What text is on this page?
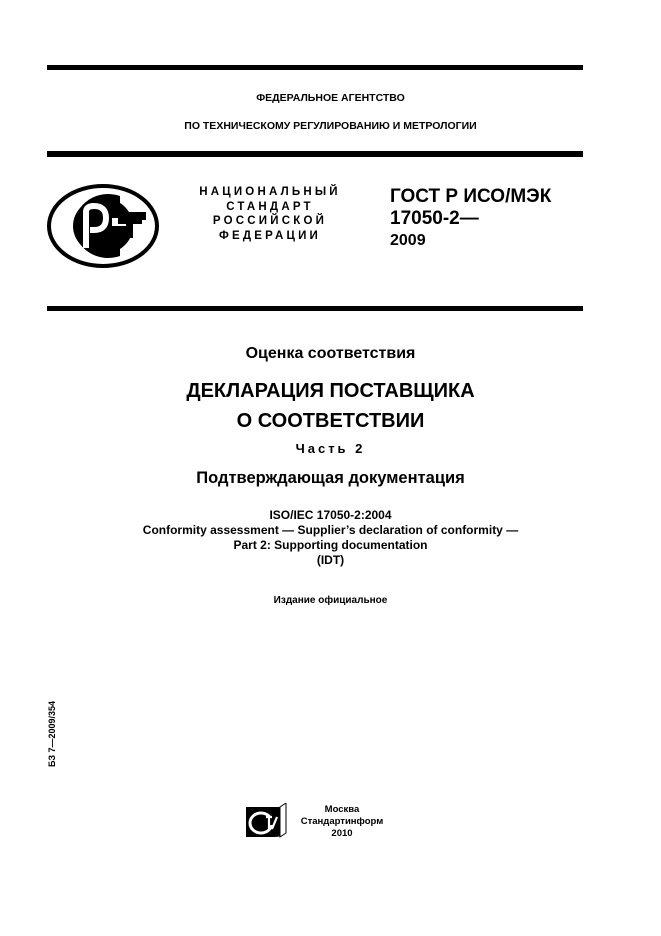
ФЕДЕРАЛЬНОЕ АГЕНТСТВО
ПО ТЕХНИЧЕСКОМУ РЕГУЛИРОВАНИЮ И МЕТРОЛОГИИ
НАЦИОНАЛЬНЫЙ
СТАНДАРТ
РОССИЙСКОЙ
ФЕДЕРАЦИИ
ГОСТ Р ИСО/МЭК
17050-2—
2009
Оценка соответствия
ДЕКЛАРАЦИЯ ПОСТАВЩИКА
О СООТВЕТСТВИИ
Часть 2
Подтверждающая документация
ISO/IEC 17050-2:2004
Conformity assessment — Supplier’s declaration of conformity —
Part 2: Supporting documentation
(IDT)
Издание официальное
БЗ 7—2009/354
Москва
Стандартинформ
2010
